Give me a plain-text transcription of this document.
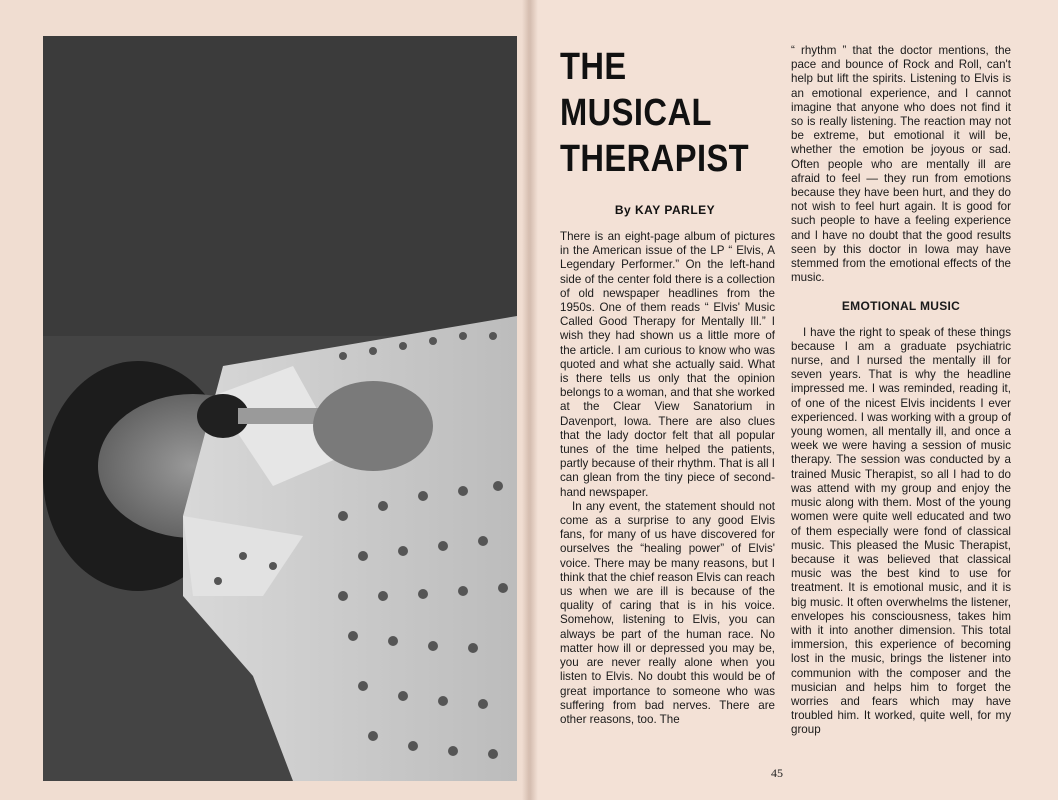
THE
MUSICAL
THERAPIST
By KAY PARLEY

There is an eight-page album of pictures in the American issue of the LP “ Elvis, A Legendary Performer.” On the left-hand side of the center fold there is a collection of old newspaper headlines from the 1950s. One of them reads “ Elvis' Music Called Good Therapy for Mentally Ill.” I wish they had shown us a little more of the article. I am curious to know who was quoted and what she actually said. What is there tells us only that the opinion belongs to a woman, and that she worked at the Clear View Sanatorium in Davenport, Iowa. There are also clues that the lady doctor felt that all popular tunes of the time helped the patients, partly because of their rhythm. That is all I can glean from the tiny piece of second-hand newspaper.

In any event, the statement should not come as a surprise to any good Elvis fans, for many of us have discovered for ourselves the “healing power” of Elvis' voice. There may be many reasons, but I think that the chief reason Elvis can reach us when we are ill is because of the quality of caring that is in his voice. Somehow, listening to Elvis, you can always be part of the human race. No matter how ill or depressed you may be, you are never really alone when you listen to Elvis. No doubt this would be of great importance to someone who was suffering from bad nerves. There are other reasons, too. The

“ rhythm ” that the doctor mentions, the pace and bounce of Rock and Roll, can't help but lift the spirits. Listening to Elvis is an emotional experience, and I cannot imagine that anyone who does not find it so is really listening. The reaction may not be extreme, but emotional it will be, whether the emotion be joyous or sad. Often people who are mentally ill are afraid to feel — they run from emotions because they have been hurt, and they do not wish to feel hurt again. It is good for such people to have a feeling experience and I have no doubt that the good results seen by this doctor in Iowa may have stemmed from the emotional effects of the music.

EMOTIONAL MUSIC

I have the right to speak of these things because I am a graduate psychiatric nurse, and I nursed the mentally ill for seven years. That is why the headline impressed me. I was reminded, reading it, of one of the nicest Elvis incidents I ever experienced. I was working with a group of young women, all mentally ill, and once a week we were having a session of music therapy. The session was conducted by a trained Music Therapist, so all I had to do was attend with my group and enjoy the music along with them. Most of the young women were quite well educated and two of them especially were fond of classical music. This pleased the Music Therapist, because it was believed that classical music was the best kind to use for treatment. It is emotional music, and it is big music. It often overwhelms the listener, envelopes his consciousness, takes him with it into another dimension. This total immersion, this experience of becoming lost in the music, brings the listener into communion with the composer and the musician and helps him to forget the worries and fears which may have troubled him. It worked, quite well, for my group

45
